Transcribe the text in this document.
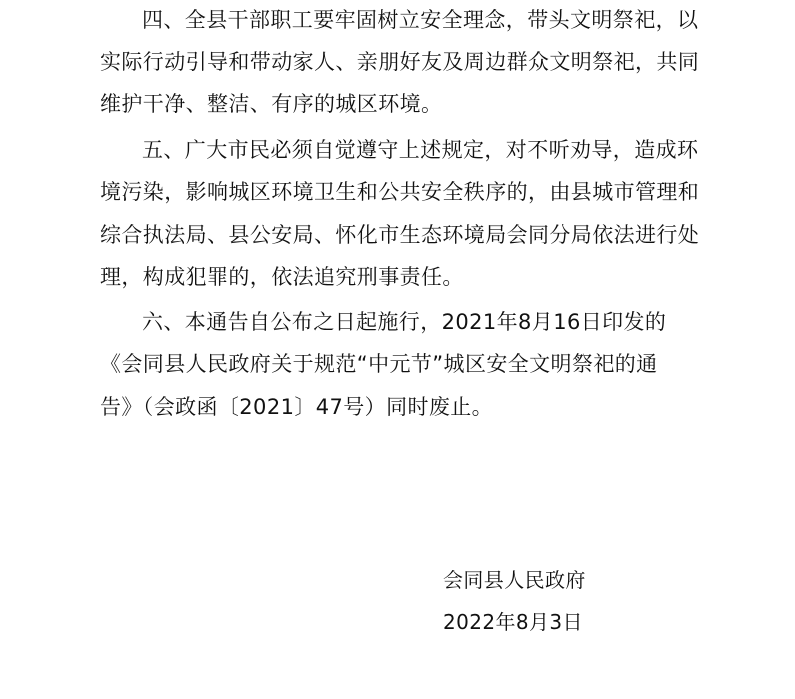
四、全县干部职工要牢固树立安全理念，带头文明祭祀，以
实际行动引导和带动家人、亲朋好友及周边群众文明祭祀，共同
维护干净、整洁、有序的城区环境。
五、广大市民必须自觉遵守上述规定，对不听劝导，造成环
境污染，影响城区环境卫生和公共安全秩序的，由县城市管理和
综合执法局、县公安局、怀化市生态环境局会同分局依法进行处
理，构成犯罪的，依法追究刑事责任。
六、本通告自公布之日起施行，2021年8月16日印发的
《会同县人民政府关于规范“中元节”城区安全文明祭祀的通
告》（会政函〔2021〕47号）同时废止。
会同县人民政府
2022年8月3日
